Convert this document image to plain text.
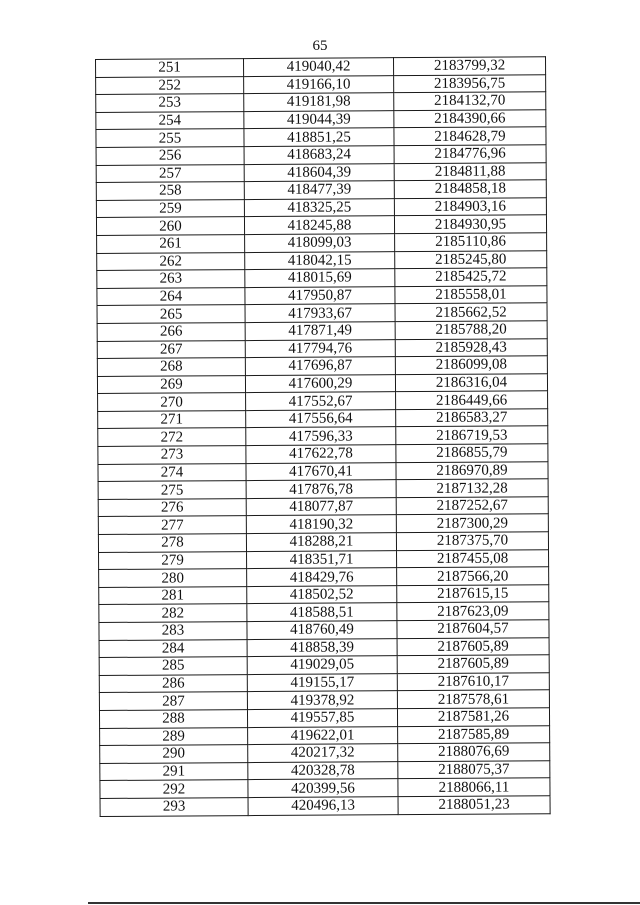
65
251	419040,42	2183799,32
252	419166,10	2183956,75
253	419181,98	2184132,70
254	419044,39	2184390,66
255	418851,25	2184628,79
256	418683,24	2184776,96
257	418604,39	2184811,88
258	418477,39	2184858,18
259	418325,25	2184903,16
260	418245,88	2184930,95
261	418099,03	2185110,86
262	418042,15	2185245,80
263	418015,69	2185425,72
264	417950,87	2185558,01
265	417933,67	2185662,52
266	417871,49	2185788,20
267	417794,76	2185928,43
268	417696,87	2186099,08
269	417600,29	2186316,04
270	417552,67	2186449,66
271	417556,64	2186583,27
272	417596,33	2186719,53
273	417622,78	2186855,79
274	417670,41	2186970,89
275	417876,78	2187132,28
276	418077,87	2187252,67
277	418190,32	2187300,29
278	418288,21	2187375,70
279	418351,71	2187455,08
280	418429,76	2187566,20
281	418502,52	2187615,15
282	418588,51	2187623,09
283	418760,49	2187604,57
284	418858,39	2187605,89
285	419029,05	2187605,89
286	419155,17	2187610,17
287	419378,92	2187578,61
288	419557,85	2187581,26
289	419622,01	2187585,89
290	420217,32	2188076,69
291	420328,78	2188075,37
292	420399,56	2188066,11
293	420496,13	2188051,23
